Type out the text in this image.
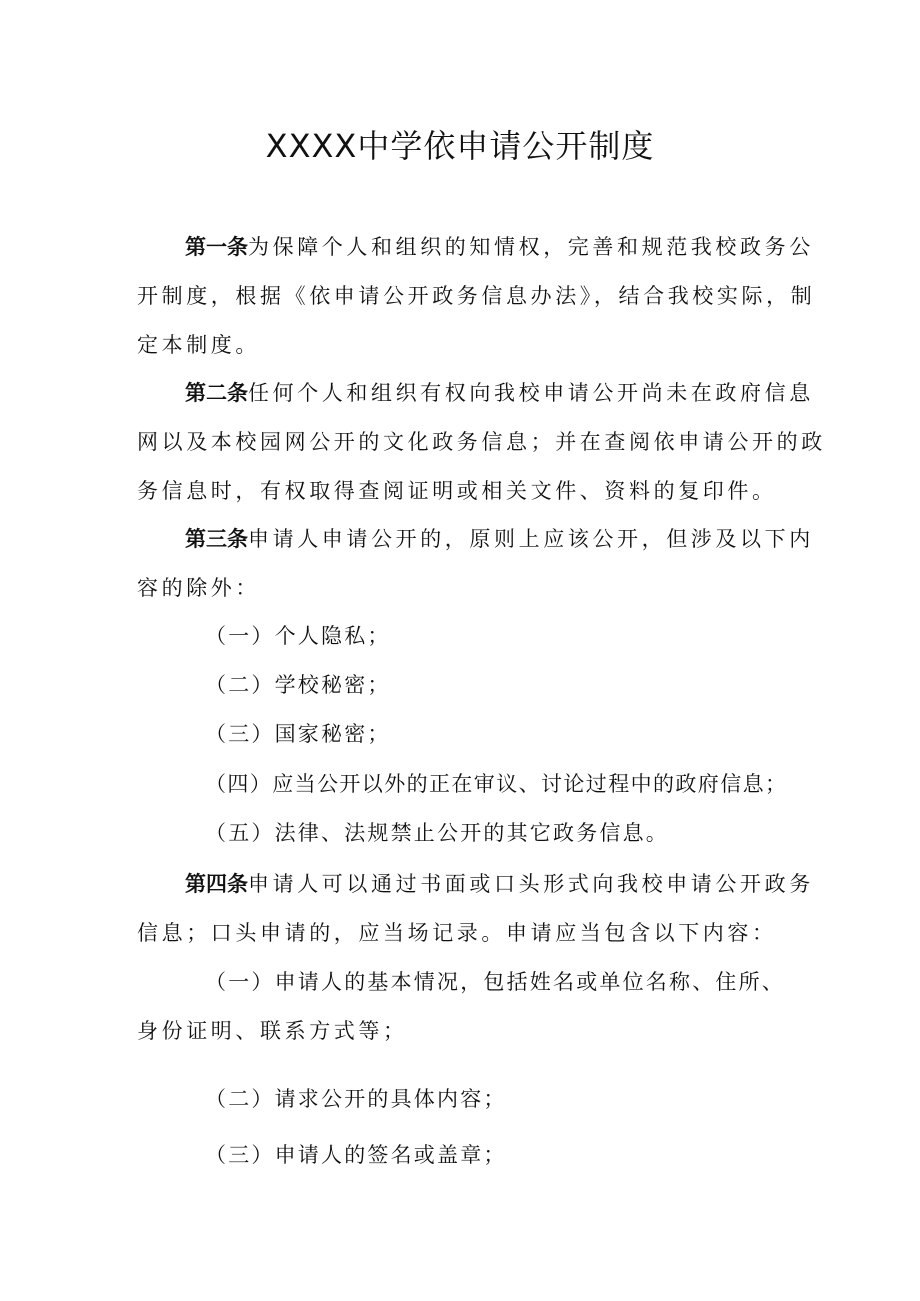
XXXX中学依申请公开制度
第一条为保障个人和组织的知情权，完善和规范我校政务公
开制度，根据《依申请公开政务信息办法》，结合我校实际，制
定本制度。
第二条任何个人和组织有权向我校申请公开尚未在政府信息
网以及本校园网公开的文化政务信息；并在查阅依申请公开的政
务信息时，有权取得查阅证明或相关文件、资料的复印件。
第三条申请人申请公开的，原则上应该公开，但涉及以下内
容的除外：
（一）个人隐私；
（二）学校秘密；
（三）国家秘密；
（四）应当公开以外的正在审议、讨论过程中的政府信息；
（五）法律、法规禁止公开的其它政务信息。
第四条申请人可以通过书面或口头形式向我校申请公开政务
信息；口头申请的，应当场记录。申请应当包含以下内容：
（一）申请人的基本情况，包括姓名或单位名称、住所、
身份证明、联系方式等；
（二）请求公开的具体内容；
（三）申请人的签名或盖章；
